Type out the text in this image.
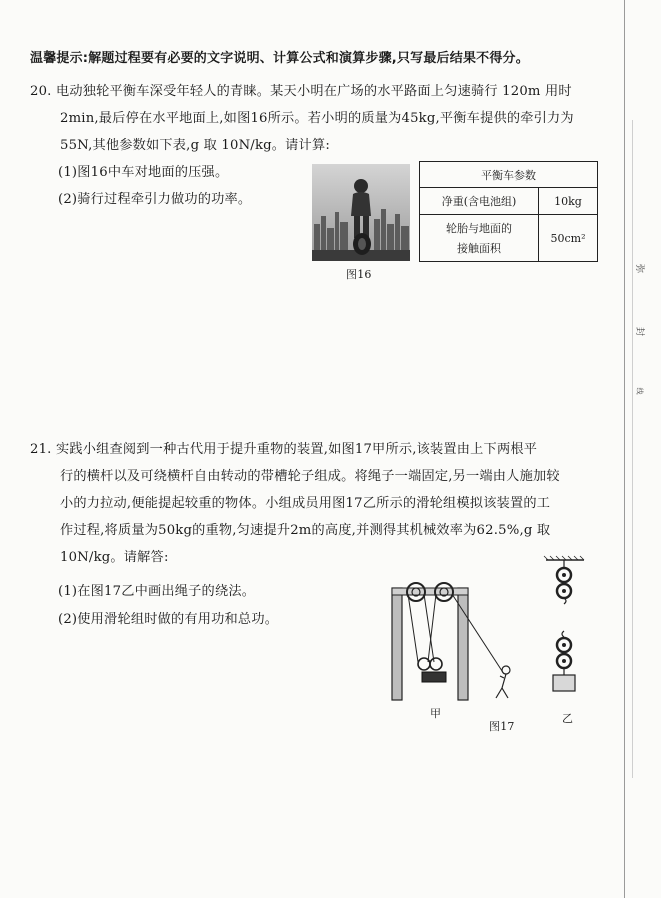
弥
封
线
温馨提示:解题过程要有必要的文字说明、计算公式和演算步骤,只写最后结果不得分。
20. 电动独轮平衡车深受年轻人的青睐。某天小明在广场的水平路面上匀速骑行 120m 用时
2min,最后停在水平地面上,如图16所示。若小明的质量为45kg,平衡车提供的牵引力为
55N,其他参数如下表,g 取 10N/kg。请计算:
(1)图16中车对地面的压强。
(2)骑行过程牵引力做功的功率。
图16
平衡车参数	
净重(含电池组)	10kg

轮胎与地面的
接触面积	50cm²
21. 实践小组查阅到一种古代用于提升重物的装置,如图17甲所示,该装置由上下两根平
行的横杆以及可绕横杆自由转动的带槽轮子组成。将绳子一端固定,另一端由人施加较
小的力拉动,便能提起较重的物体。小组成员用图17乙所示的滑轮组模拟该装置的工
作过程,将质量为50kg的重物,匀速提升2m的高度,并测得其机械效率为62.5%,g 取
10N/kg。请解答:
(1)在图17乙中画出绳子的绕法。
(2)使用滑轮组时做的有用功和总功。
甲
图17
乙
